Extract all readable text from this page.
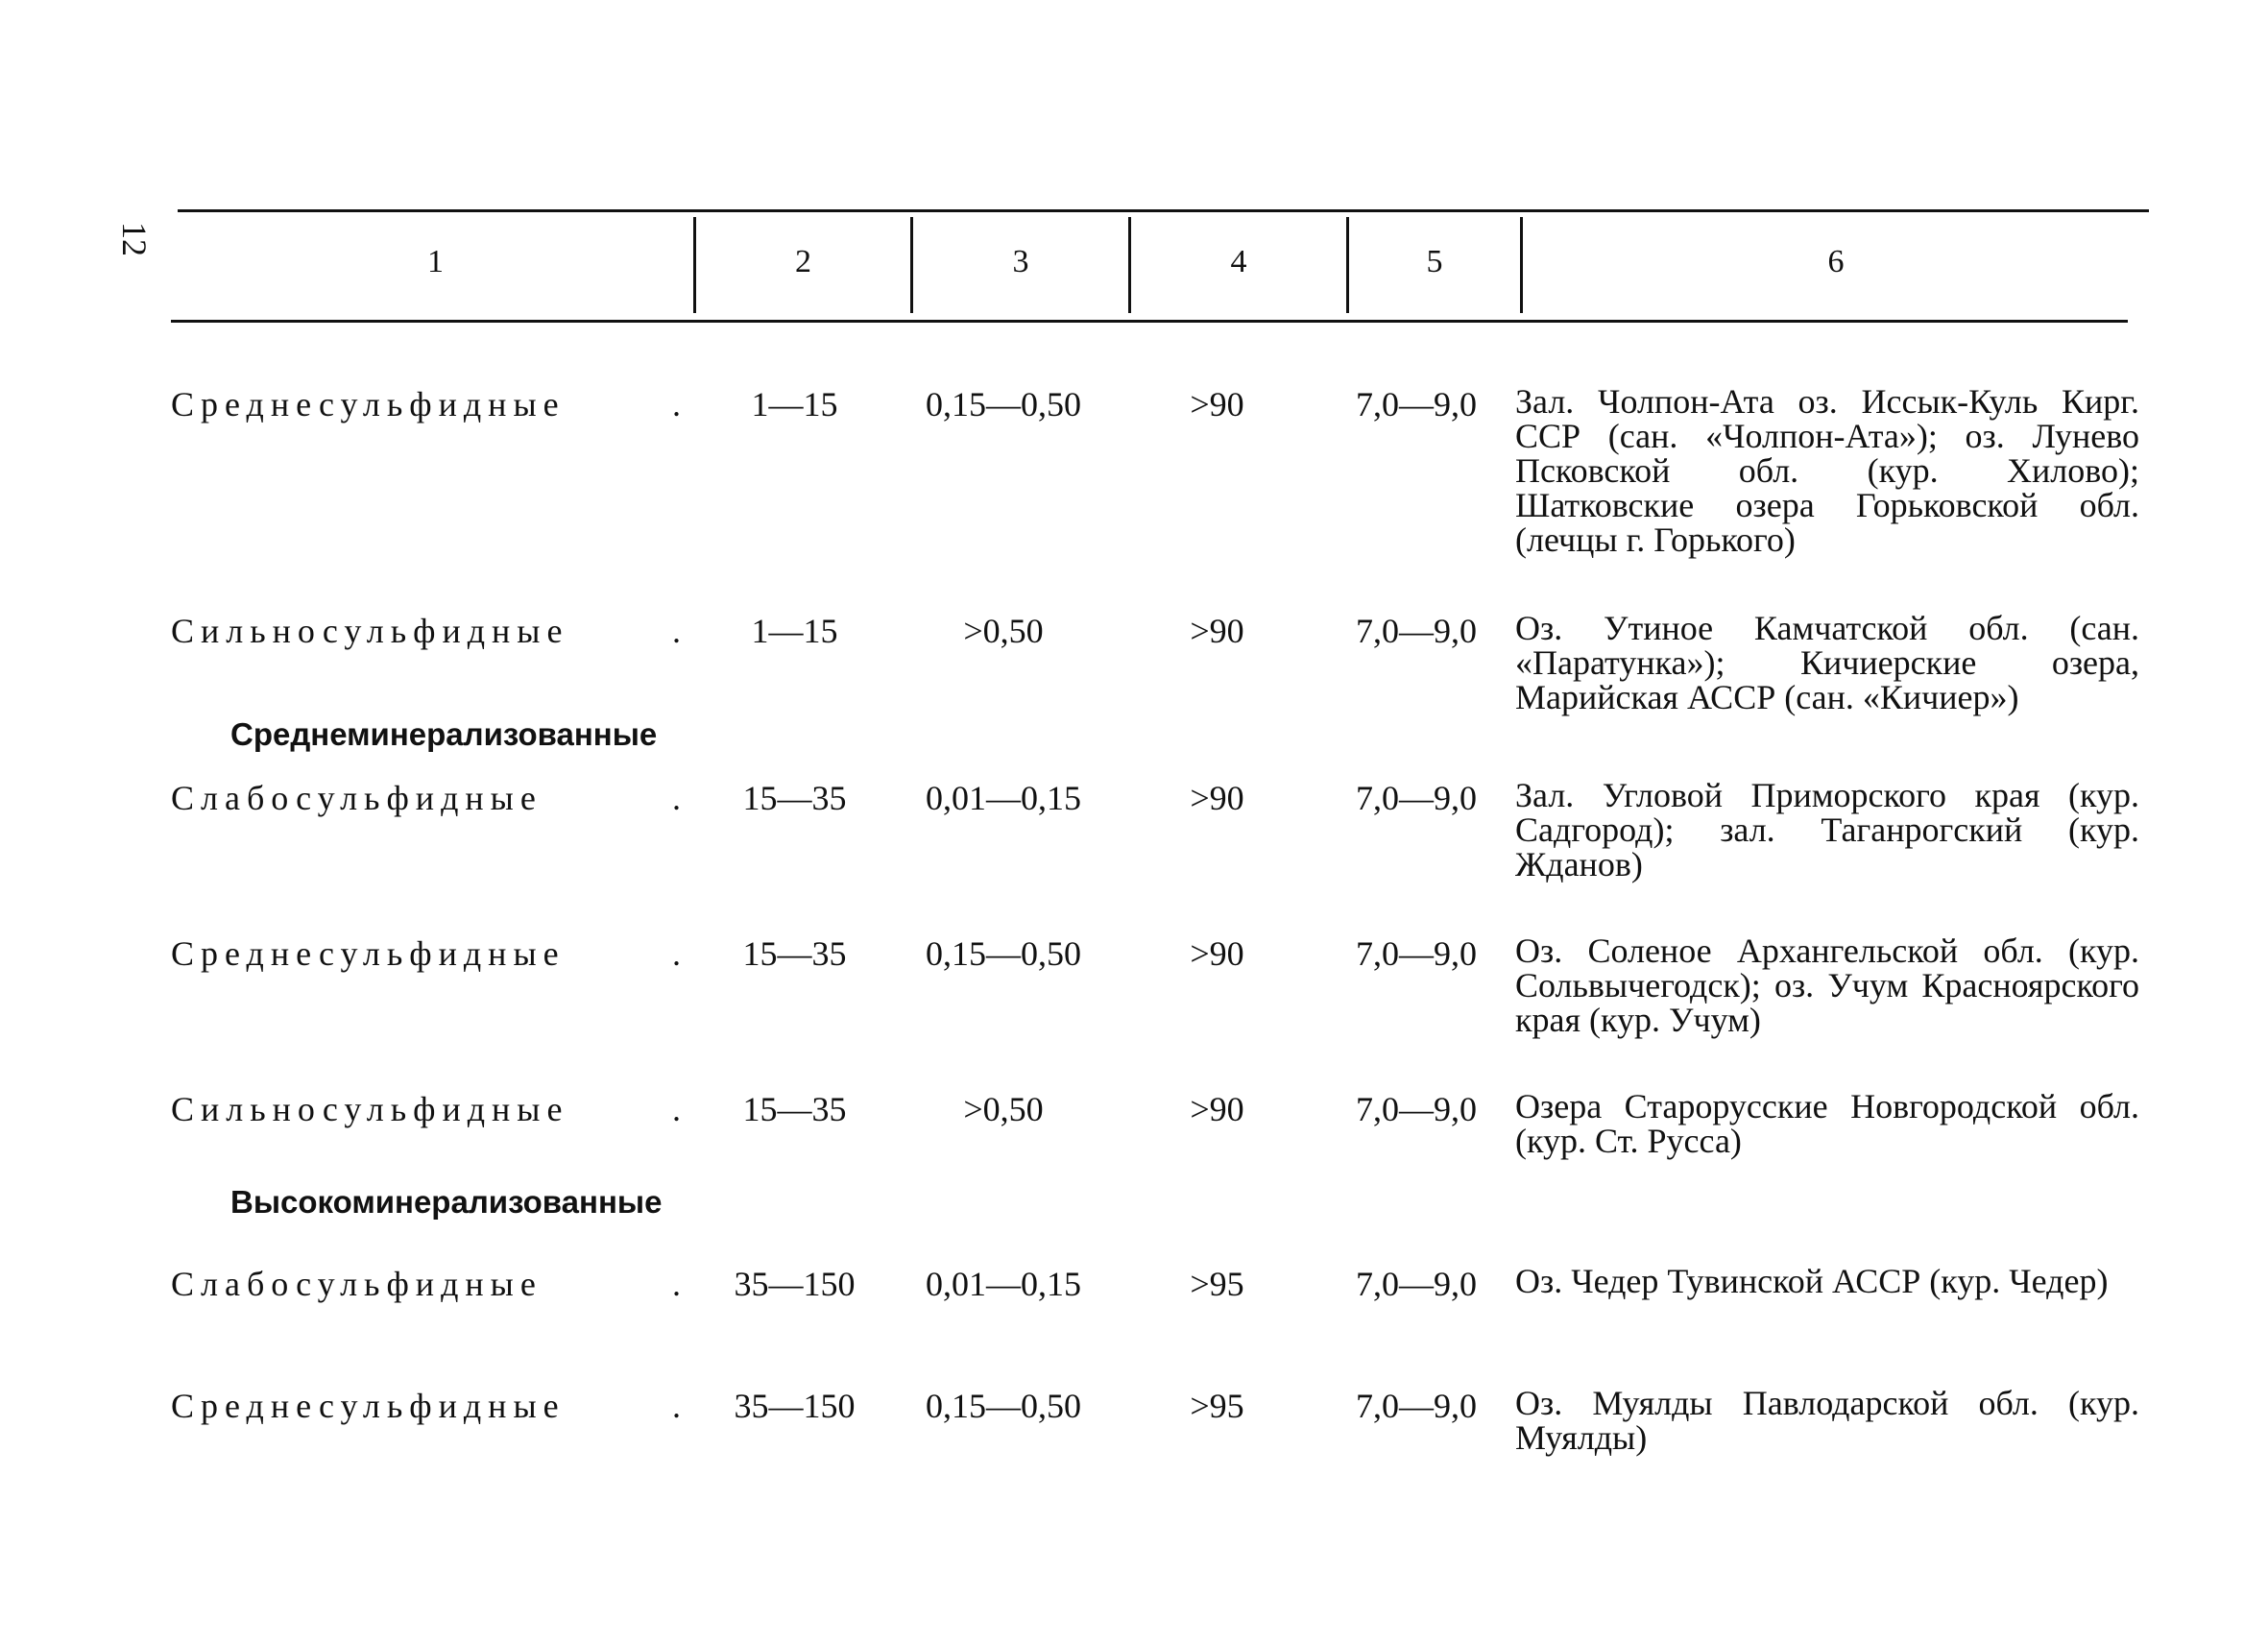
12
1	2	3	4	5	6
Среднесульфидные	.	1—15	0,15—0,50	>90	7,0—9,0	Зал. Чолпон-Ата оз. Иссык-Куль Кирг. ССР (сан. «Чолпон-Ата»); оз. Лунево Псковской обл. (кур. Хилово); Шатковские озера Горьковской обл. (лечцы г. Горького)
Сильносульфидные	.	1—15	>0,50	>90	7,0—9,0	Оз. Утиное Камчатской обл. (сан. «Паратунка»); Кичиерские озера, Марийская АССР (сан. «Кичиер»)
Среднеминерализованные
Слабосульфидные	.	15—35	0,01—0,15	>90	7,0—9,0	Зал. Угловой Приморского края (кур. Садгород); зал. Таганрогский (кур. Жданов)
Среднесульфидные	.	15—35	0,15—0,50	>90	7,0—9,0	Оз. Соленое Архангельской обл. (кур. Сольвычегодск); оз. Учум Красноярского края (кур. Учум)
Сильносульфидные	.	15—35	>0,50	>90	7,0—9,0	Озера Старорусские Новгородской обл. (кур. Ст. Русса)
Высокоминерализованные
Слабосульфидные	.	35—150	0,01—0,15	>95	7,0—9,0	Оз. Чедер Тувинской АССР (кур. Чедер)
Среднесульфидные	.	35—150	0,15—0,50	>95	7,0—9,0	Оз. Муялды Павлодарской обл. (кур. Муялды)
